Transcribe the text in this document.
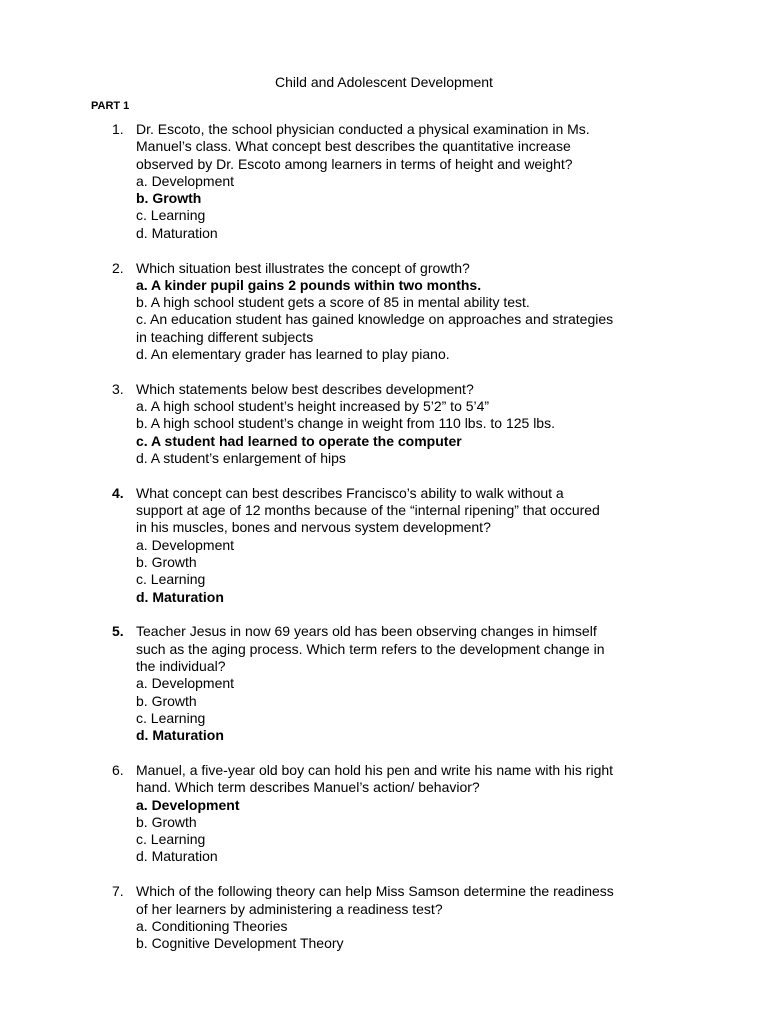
Child and Adolescent Development
PART 1
1. Dr. Escoto, the school physician conducted a physical examination in Ms.
Manuel’s class. What concept best describes the quantitative increase
observed by Dr. Escoto among learners in terms of height and weight?

a. Development

b. Growth

c. Learning

d. Maturation

2. Which situation best illustrates the concept of growth?

a. A kinder pupil gains 2 pounds within two months.

b. A high school student gets a score of 85 in mental ability test.

c. An education student has gained knowledge on approaches and strategies
in teaching different subjects

d. An elementary grader has learned to play piano.

3. Which statements below best describes development?

a. A high school student’s height increased by 5’2” to 5’4”

b. A high school student’s change in weight from 110 lbs. to 125 lbs.

c. A student had learned to operate the computer

d. A student’s enlargement of hips

4. What concept can best describes Francisco’s ability to walk without a
support at age of 12 months because of the “internal ripening” that occured
in his muscles, bones and nervous system development?

a. Development

b. Growth

c. Learning

d. Maturation

5. Teacher Jesus in now 69 years old has been observing changes in himself
such as the aging process. Which term refers to the development change in
the individual?

a. Development

b. Growth

c. Learning

d. Maturation

6. Manuel, a five-year old boy can hold his pen and write his name with his right
hand. Which term describes Manuel’s action/ behavior?

a. Development

b. Growth

c. Learning

d. Maturation

7. Which of the following theory can help Miss Samson determine the readiness
of her learners by administering a readiness test?

a. Conditioning Theories

b. Cognitive Development Theory
